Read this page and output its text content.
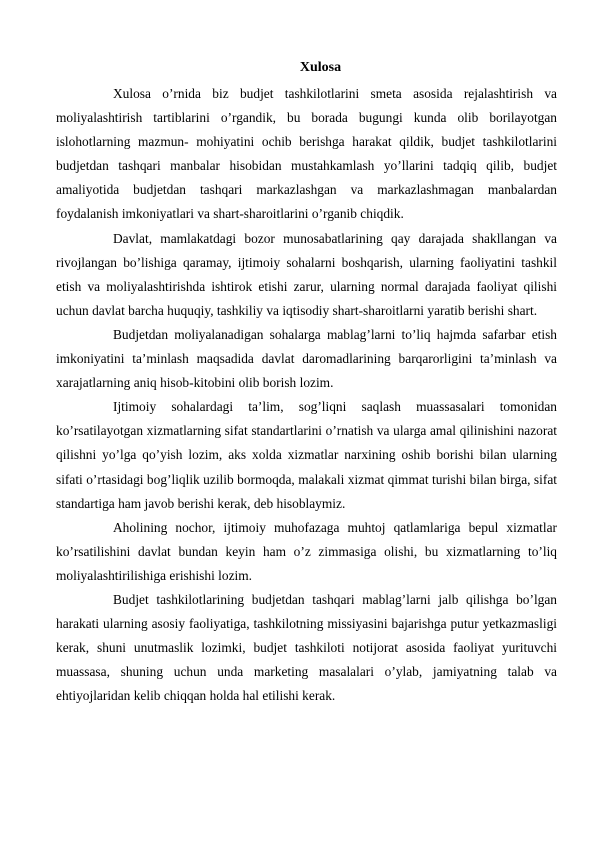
Xulosa

Xulosa o’rnida biz budjet tashkilotlarini smeta asosida rejalashtirish va moliyalashtirish tartiblarini o’rgandik, bu borada bugungi kunda olib borilayotgan islohotlarning mazmun- mohiyatini ochib berishga harakat qildik, budjet tashkilotlarini budjetdan tashqari manbalar hisobidan mustahkamlash yo’llarini tadqiq qilib, budjet amaliyotida budjetdan tashqari markazlashgan va markazlashmagan manbalardan foydalanish imkoniyatlari va shart-sharoitlarini o’rganib chiqdik.

Davlat, mamlakatdagi bozor munosabatlarining qay darajada shakllangan va rivojlangan bo’lishiga qaramay, ijtimoiy sohalarni boshqarish, ularning faoliyatini tashkil etish va moliyalashtirishda ishtirok etishi zarur, ularning normal darajada faoliyat qilishi uchun davlat barcha huquqiy, tashkiliy va iqtisodiy shart-sharoitlarni yaratib berishi shart.

Budjetdan moliyalanadigan sohalarga mablag’larni to’liq hajmda safarbar etish imkoniyatini ta’minlash maqsadida davlat daromadlarining barqarorligini ta’minlash va xarajatlarning aniq hisob-kitobini olib borish lozim.

Ijtimoiy sohalardagi ta’lim, sog’liqni saqlash muassasalari tomonidan ko’rsatilayotgan xizmatlarning sifat standartlarini o’rnatish va ularga amal qilinishini nazorat qilishni yo’lga qo’yish lozim, aks xolda xizmatlar narxining oshib borishi bilan ularning sifati o’rtasidagi bog’liqlik uzilib bormoqda, malakali xizmat qimmat turishi bilan birga, sifat standartiga ham javob berishi kerak, deb hisoblaymiz.

Aholining nochor, ijtimoiy muhofazaga muhtoj qatlamlariga bepul xizmatlar ko’rsatilishini davlat bundan keyin ham o’z zimmasiga olishi, bu xizmatlarning to’liq moliyalashtirilishiga erishishi lozim.

Budjet tashkilotlarining budjetdan tashqari mablag’larni jalb qilishga bo’lgan harakati ularning asosiy faoliyatiga, tashkilotning missiyasini bajarishga putur yetkazmasligi kerak, shuni unutmaslik lozimki, budjet tashkiloti notijorat asosida faoliyat yurituvchi muassasa, shuning uchun unda marketing masalalari o’ylab, jamiyatning talab va ehtiyojlaridan kelib chiqqan holda hal etilishi kerak.
